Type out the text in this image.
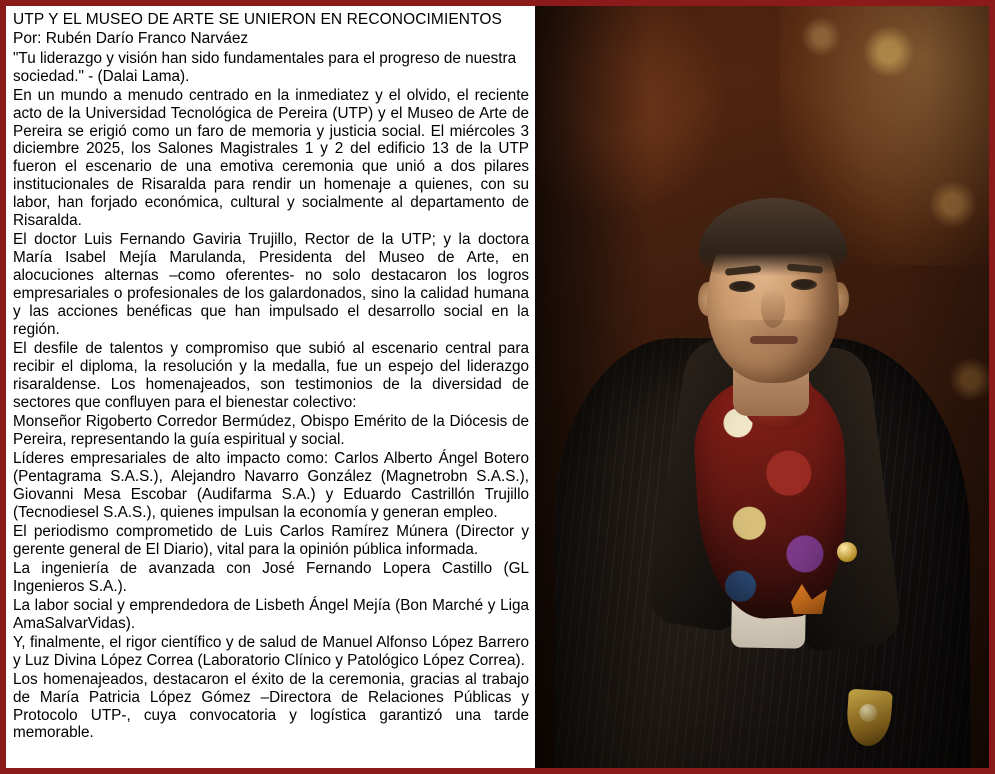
UTP Y EL MUSEO DE ARTE SE UNIERON EN RECONOCIMIENTOS
Por: Rubén Darío Franco Narváez

"Tu liderazgo y visión han sido fundamentales para el progreso de nuestra sociedad." - (Dalai Lama).

En un mundo a menudo centrado en la inmediatez y el olvido, el reciente acto de la Universidad Tecnológica de Pereira (UTP) y el Museo de Arte de Pereira se erigió como un faro de memoria y justicia social. El miércoles 3 diciembre 2025, los Salones Magistrales 1 y 2 del edificio 13 de la UTP fueron el escenario de una emotiva ceremonia que unió a dos pilares institucionales de Risaralda para rendir un homenaje a quienes, con su labor, han forjado económica, cultural y socialmente al departamento de Risaralda.

El doctor Luis Fernando Gaviria Trujillo, Rector de la UTP; y la doctora María Isabel Mejía Marulanda, Presidenta del Museo de Arte, en alocuciones alternas –como oferentes- no solo destacaron los logros empresariales o profesionales de los galardonados, sino la calidad humana y las acciones benéficas que han impulsado el desarrollo social en la región.

El desfile de talentos y compromiso que subió al escenario central para recibir el diploma, la resolución y la medalla, fue un espejo del liderazgo risaraldense. Los homenajeados, son testimonios de la diversidad de sectores que confluyen para el bienestar colectivo:

Monseñor Rigoberto Corredor Bermúdez, Obispo Emérito de la Diócesis de Pereira, representando la guía espiritual y social.

Líderes empresariales de alto impacto como: Carlos Alberto Ángel Botero (Pentagrama S.A.S.), Alejandro Navarro González (Magnetrobn S.A.S.), Giovanni Mesa Escobar (Audifarma S.A.) y Eduardo Castrillón Trujillo (Tecnodiesel S.A.S.), quienes impulsan la economía y generan empleo.

El periodismo comprometido de Luis Carlos Ramírez Múnera (Director y gerente general de El Diario), vital para la opinión pública informada.

La ingeniería de avanzada con José Fernando Lopera Castillo (GL Ingenieros S.A.).

La labor social y emprendedora de Lisbeth Ángel Mejía (Bon Marché y Liga AmaSalvarVidas).

Y, finalmente, el rigor científico y de salud de Manuel Alfonso López Barrero y Luz Divina López Correa (Laboratorio Clínico y Patológico López Correa).

Los homenajeados, destacaron el éxito de la ceremonia, gracias al trabajo de María Patricia López Gómez –Directora de Relaciones Públicas y Protocolo UTP-, cuya convocatoria y logística garantizó una tarde memorable.
